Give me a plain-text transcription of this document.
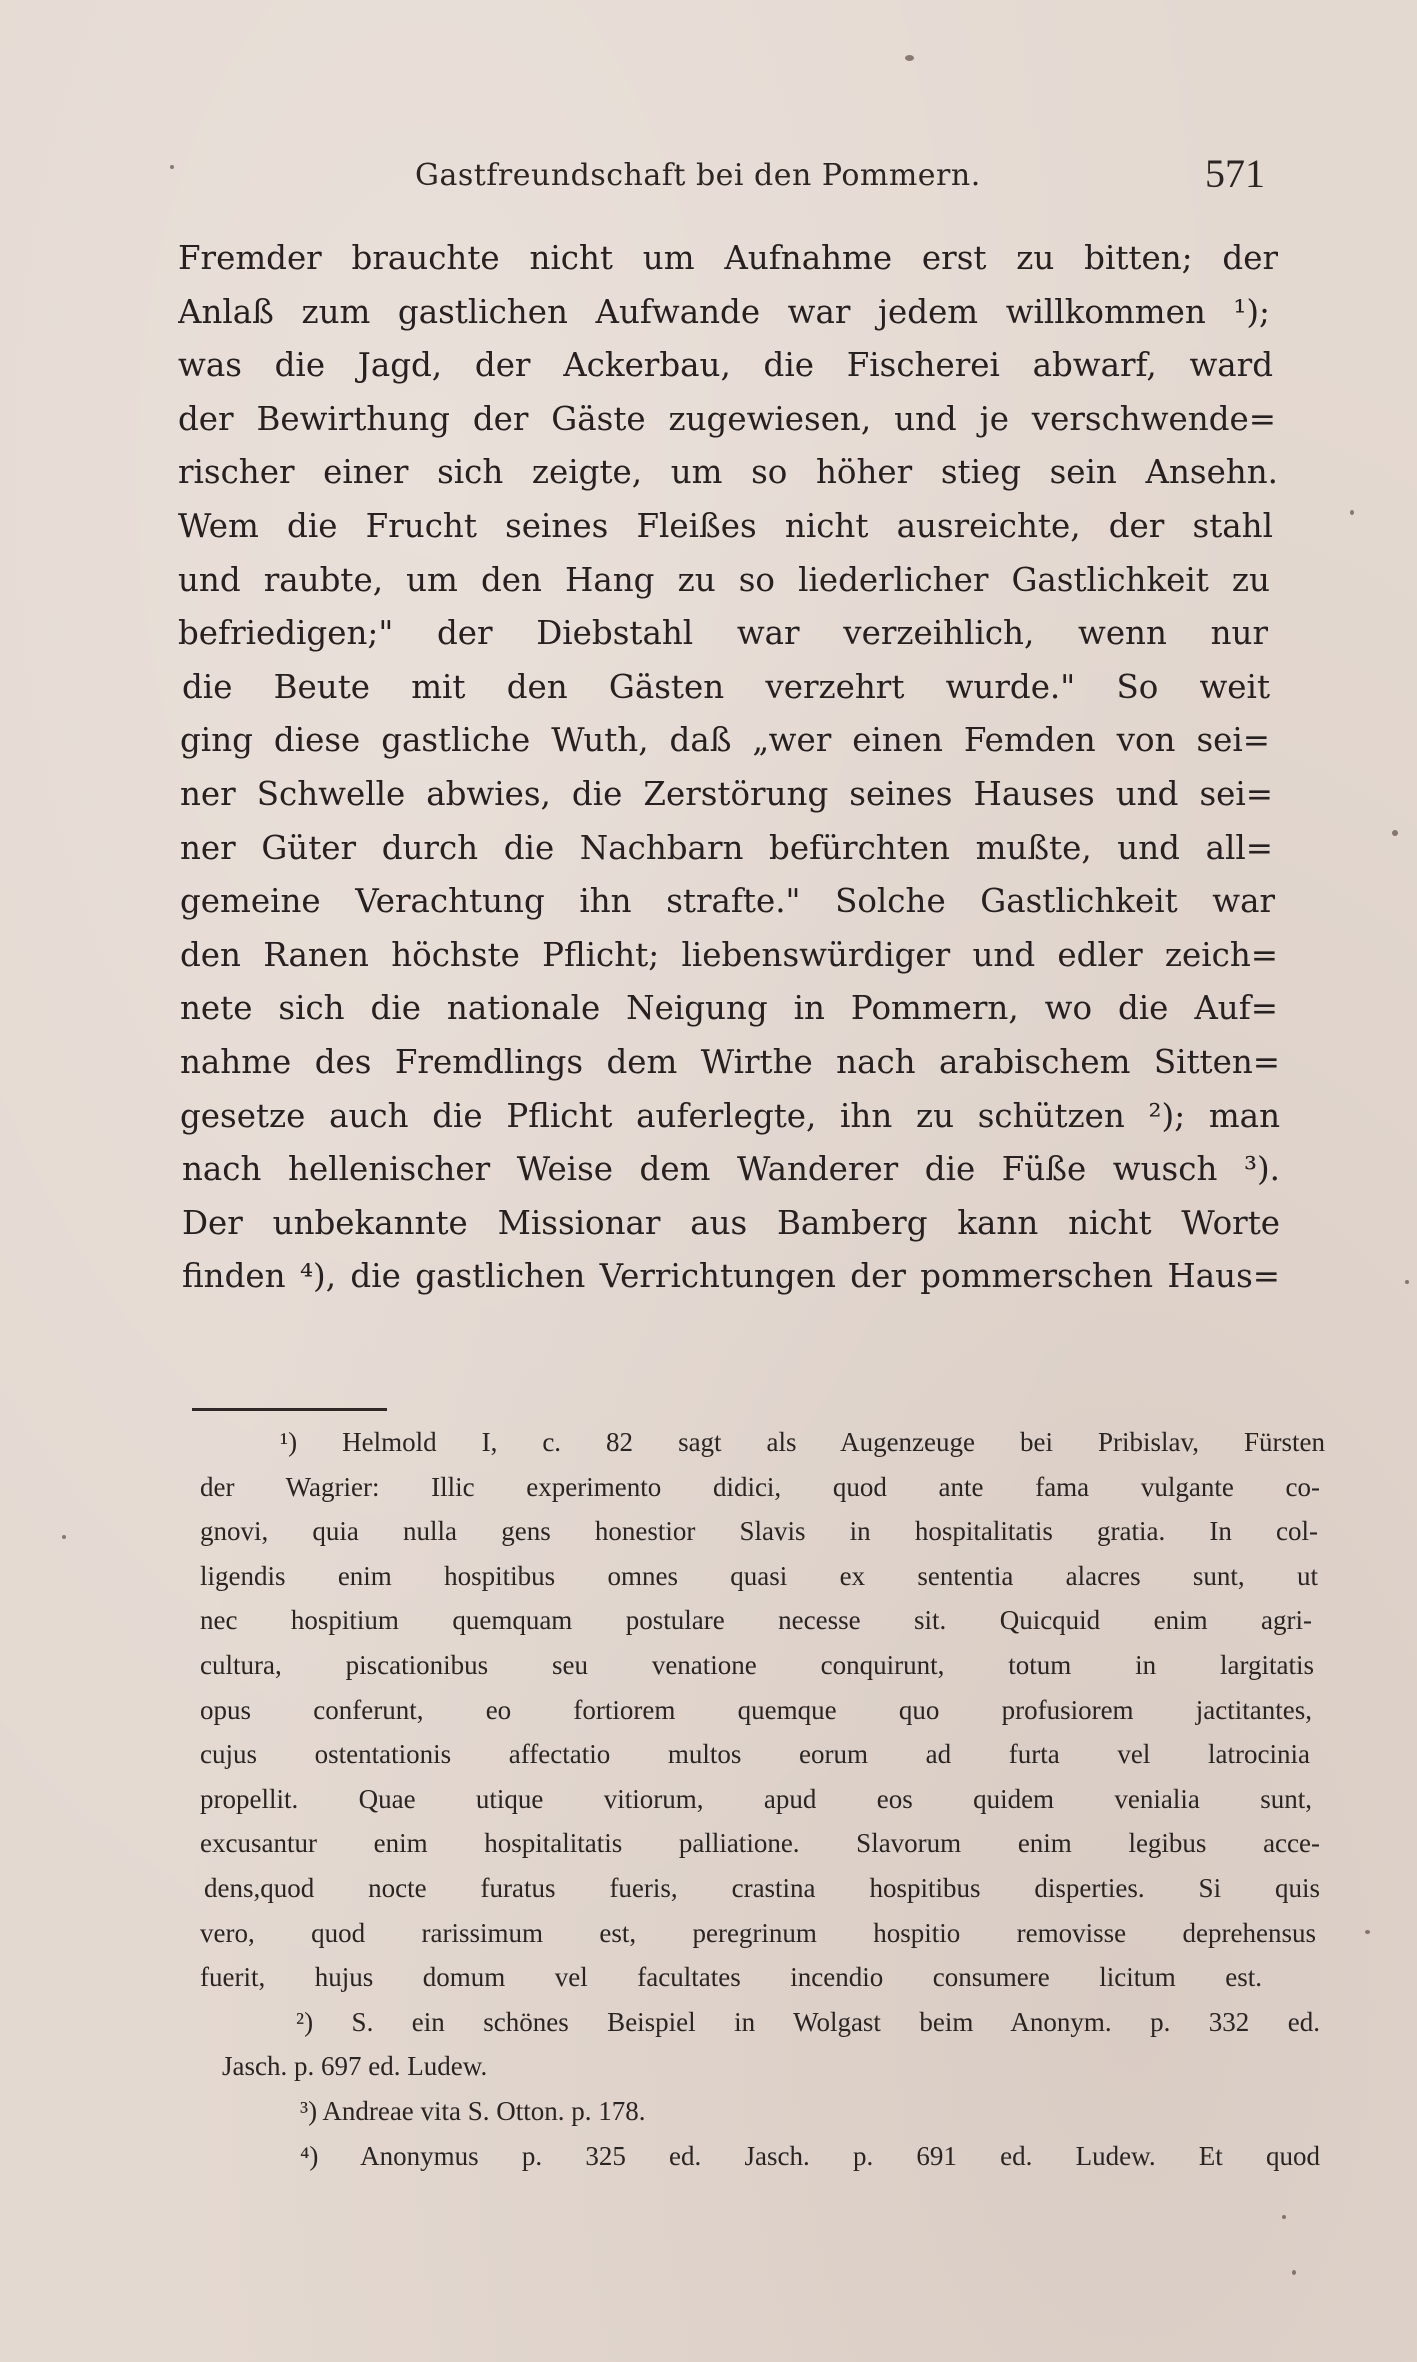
Gastfreundschaft bei den Pommern.	571
Fremder brauchte nicht um Aufnahme erst zu bitten; der
Anlaß zum gastlichen Aufwande war jedem willkommen ¹);
was die Jagd, der Ackerbau, die Fischerei abwarf, ward
der Bewirthung der Gäste zugewiesen, und je verschwende=
rischer einer sich zeigte, um so höher stieg sein Ansehn.
Wem die Frucht seines Fleißes nicht ausreichte, der stahl
und raubte, um den Hang zu so liederlicher Gastlichkeit zu
befriedigen;" der Diebstahl war verzeihlich, wenn nur
die Beute mit den Gästen verzehrt wurde." So weit
ging diese gastliche Wuth, daß „wer einen Femden von sei=
ner Schwelle abwies, die Zerstörung seines Hauses und sei=
ner Güter durch die Nachbarn befürchten mußte, und all=
gemeine Verachtung ihn strafte." Solche Gastlichkeit war
den Ranen höchste Pflicht; liebenswürdiger und edler zeich=
nete sich die nationale Neigung in Pommern, wo die Auf=
nahme des Fremdlings dem Wirthe nach arabischem Sitten=
gesetze auch die Pflicht auferlegte, ihn zu schützen ²); man
nach hellenischer Weise dem Wanderer die Füße wusch ³).
Der unbekannte Missionar aus Bamberg kann nicht Worte
finden ⁴), die gastlichen Verrichtungen der pommerschen Haus=
¹) Helmold I, c. 82 sagt als Augenzeuge bei Pribislav, Fürsten
der Wagrier: Illic experimento didici, quod ante fama vulgante co-
gnovi, quia nulla gens honestior Slavis in hospitalitatis gratia. In col-
ligendis enim hospitibus omnes quasi ex sententia alacres sunt, ut
nec hospitium quemquam postulare necesse sit. Quicquid enim agri-
cultura, piscationibus seu venatione conquirunt, totum in largitatis
opus conferunt, eo fortiorem quemque quo profusiorem jactitantes,
cujus ostentationis affectatio multos eorum ad furta vel latrocinia
propellit. Quae utique vitiorum, apud eos quidem venialia sunt,
excusantur enim hospitalitatis palliatione. Slavorum enim legibus acce-
dens,quod nocte furatus fueris, crastina hospitibus disperties. Si quis
vero, quod rarissimum est, peregrinum hospitio removisse deprehensus
fuerit, hujus domum vel facultates incendio consumere licitum est.
²) S. ein schönes Beispiel in Wolgast beim Anonym. p. 332 ed.
Jasch. p. 697 ed. Ludew.
³) Andreae vita S. Otton. p. 178.
⁴) Anonymus p. 325 ed. Jasch. p. 691 ed. Ludew. Et quod
